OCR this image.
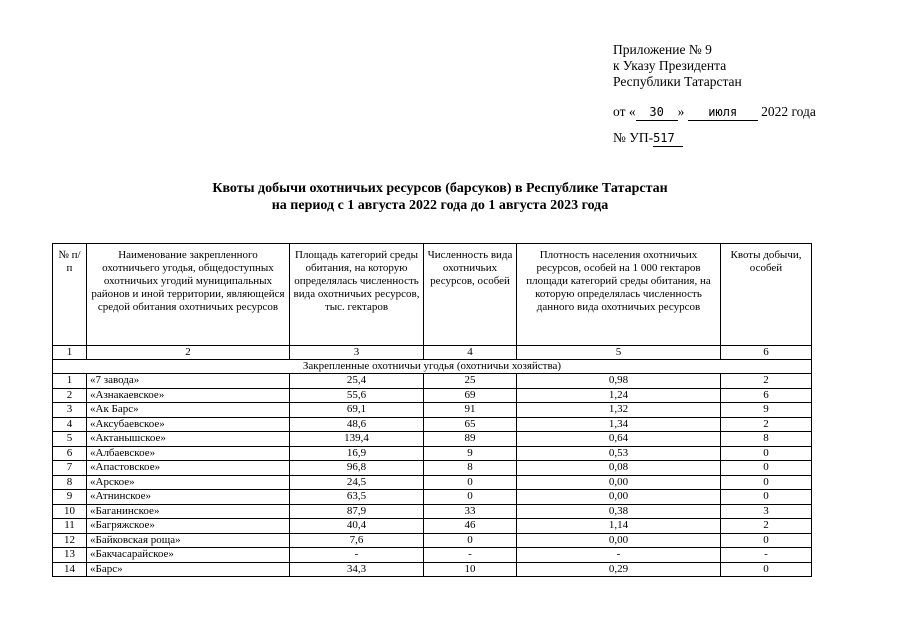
Приложение № 9
к Указу Президента
Республики Татарстан
от « 30 » июля 2022 года
№ УП-517
Квоты добычи охотничьих ресурсов (барсуков) в Республике Татарстан
на период с 1 августа 2022 года до 1 августа 2023 года
№ п/п	Наименование закрепленного охотничьего угодья, общедоступных охотничьих угодий муниципальных районов и иной территории, являющейся средой обитания охотничьих ресурсов	Площадь категорий среды обитания, на которую определялась численность вида охотничьих ресурсов, тыс. гектаров	Численность вида охотничьих ресурсов, особей	Плотность населения охотничьих ресурсов, особей на 1 000 гектаров площади категорий среды обитания, на которую определялась численность данного вида охотничьих ресурсов	Квоты добычи, особей
1	2	3	4	5	6
Закрепленные охотничьи угодья (охотничьи хозяйства)					
1	«7 завода»	25,4	25	0,98	2
2	«Азнакаевское»	55,6	69	1,24	6
3	«Ак Барс»	69,1	91	1,32	9
4	«Аксубаевское»	48,6	65	1,34	2
5	«Актанышское»	139,4	89	0,64	8
6	«Албаевское»	16,9	9	0,53	0
7	«Апастовское»	96,8	8	0,08	0
8	«Арское»	24,5	0	0,00	0
9	«Атнинское»	63,5	0	0,00	0
10	«Баганинское»	87,9	33	0,38	3
11	«Багряжское»	40,4	46	1,14	2
12	«Байковская роща»	7,6	0	0,00	0
13	«Бакчасарайское»	-	-	-	-
14	«Барс»	34,3	10	0,29	0
